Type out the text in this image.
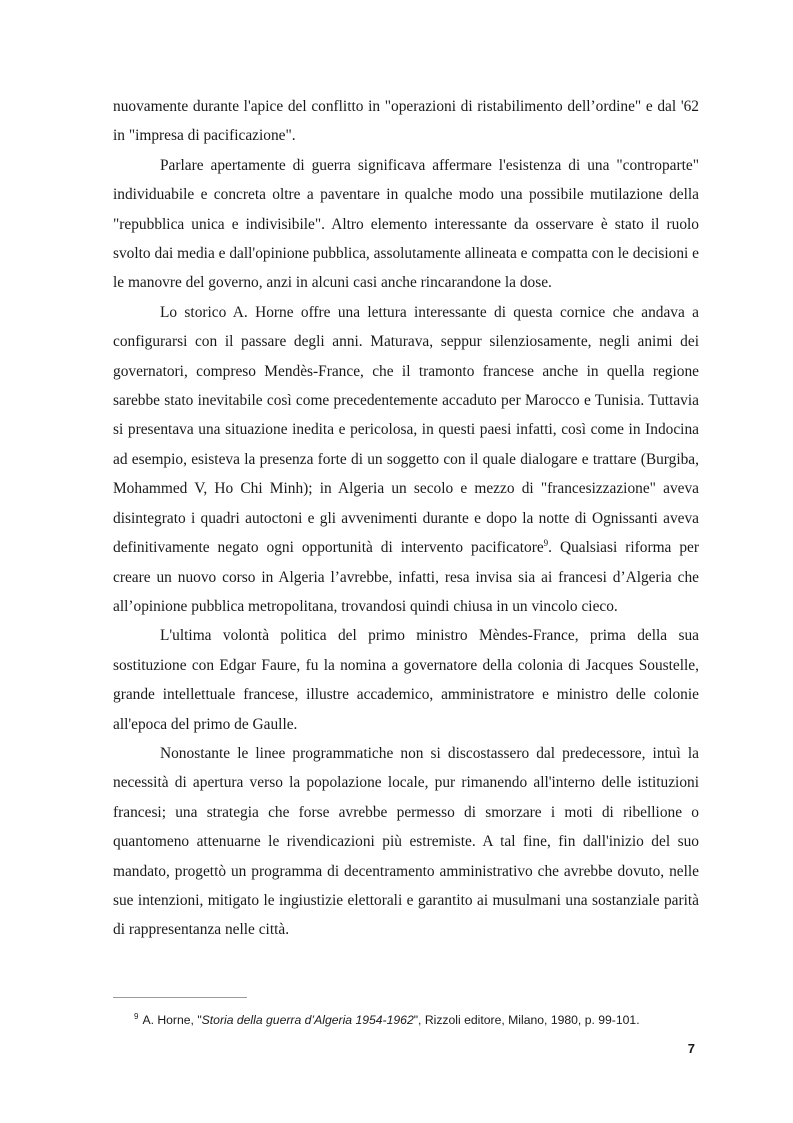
nuovamente durante l'apice del conflitto in "operazioni di ristabilimento dell’ordine" e dal '62 in "impresa di pacificazione".

Parlare apertamente di guerra significava affermare l'esistenza di una "controparte" individuabile e concreta oltre a paventare in qualche modo una possibile mutilazione della "repubblica unica e indivisibile". Altro elemento interessante da osservare è stato il ruolo svolto dai media e dall'opinione pubblica, assolutamente allineata e compatta con le decisioni e le manovre del governo, anzi in alcuni casi anche rincarandone la dose.

Lo storico A. Horne offre una lettura interessante di questa cornice che andava a configurarsi con il passare degli anni. Maturava, seppur silenziosamente, negli animi dei governatori, compreso Mendès-France, che il tramonto francese anche in quella regione sarebbe stato inevitabile così come precedentemente accaduto per Marocco e Tunisia. Tuttavia si presentava una situazione inedita e pericolosa, in questi paesi infatti, così come in Indocina ad esempio, esisteva la presenza forte di un soggetto con il quale dialogare e trattare (Burgiba, Mohammed V, Ho Chi Minh); in Algeria un secolo e mezzo di "francesizzazione" aveva disintegrato i quadri autoctoni e gli avvenimenti durante e dopo la notte di Ognissanti aveva definitivamente negato ogni opportunità di intervento pacificatore$^9$. Qualsiasi riforma per creare un nuovo corso in Algeria l’avrebbe, infatti, resa invisa sia ai francesi d’Algeria che all’opinione pubblica metropolitana, trovandosi quindi chiusa in un vincolo cieco.

L'ultima volontà politica del primo ministro Mèndes-France, prima della sua sostituzione con Edgar Faure, fu la nomina a governatore della colonia di Jacques Soustelle, grande intellettuale francese, illustre accademico, amministratore e ministro delle colonie all'epoca del primo de Gaulle.

Nonostante le linee programmatiche non si discostassero dal predecessore, intuì la necessità di apertura verso la popolazione locale, pur rimanendo all'interno delle istituzioni francesi; una strategia che forse avrebbe permesso di smorzare i moti di ribellione o quantomeno attenuarne le rivendicazioni più estremiste. A tal fine, fin dall'inizio del suo mandato, progettò un programma di decentramento amministrativo che avrebbe dovuto, nelle sue intenzioni, mitigato le ingiustizie elettorali e garantito ai musulmani una sostanziale parità di rappresentanza nelle città.

$^9$ A. Horne, "Storia della guerra d’Algeria 1954-1962", Rizzoli editore, Milano, 1980, p. 99-101.
7
